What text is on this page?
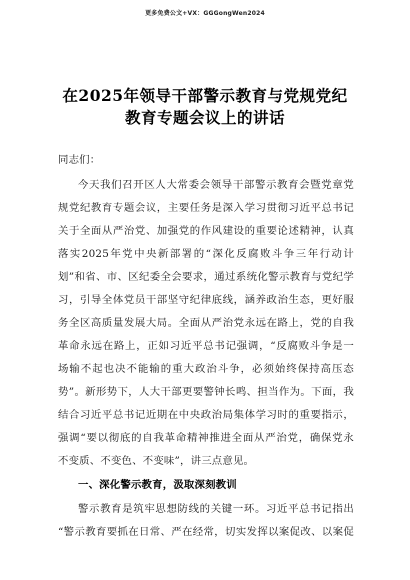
更多免费公文+VX：GGGongWen2024
在2025年领导干部警示教育与党规党纪
教育专题会议上的讲话
同志们：
今天我们召开区人大常委会领导干部警示教育会暨党章党
规党纪教育专题会议，主要任务是深入学习贯彻习近平总书记
关于全面从严治党、加强党的作风建设的重要论述精神，认真
落实2025年党中央新部署的“深化反腐败斗争三年行动计
划”和省、市、区纪委全会要求，通过系统化警示教育与党纪学
习，引导全体党员干部坚守纪律底线，涵养政治生态，更好服
务全区高质量发展大局。全面从严治党永远在路上，党的自我
革命永远在路上，正如习近平总书记强调，“反腐败斗争是一
场输不起也决不能输的重大政治斗争，必须始终保持高压态
势”。新形势下，人大干部更要警钟长鸣、担当作为。下面，我
结合习近平总书记近期在中央政治局集体学习时的重要指示，
强调“要以彻底的自我革命精神推进全面从严治党，确保党永
不变质、不变色、不变味”，讲三点意见。
一、深化警示教育，汲取深刻教训
警示教育是筑牢思想防线的关键一环。习近平总书记指出
“警示教育要抓在日常、严在经常，切实发挥以案促改、以案促
